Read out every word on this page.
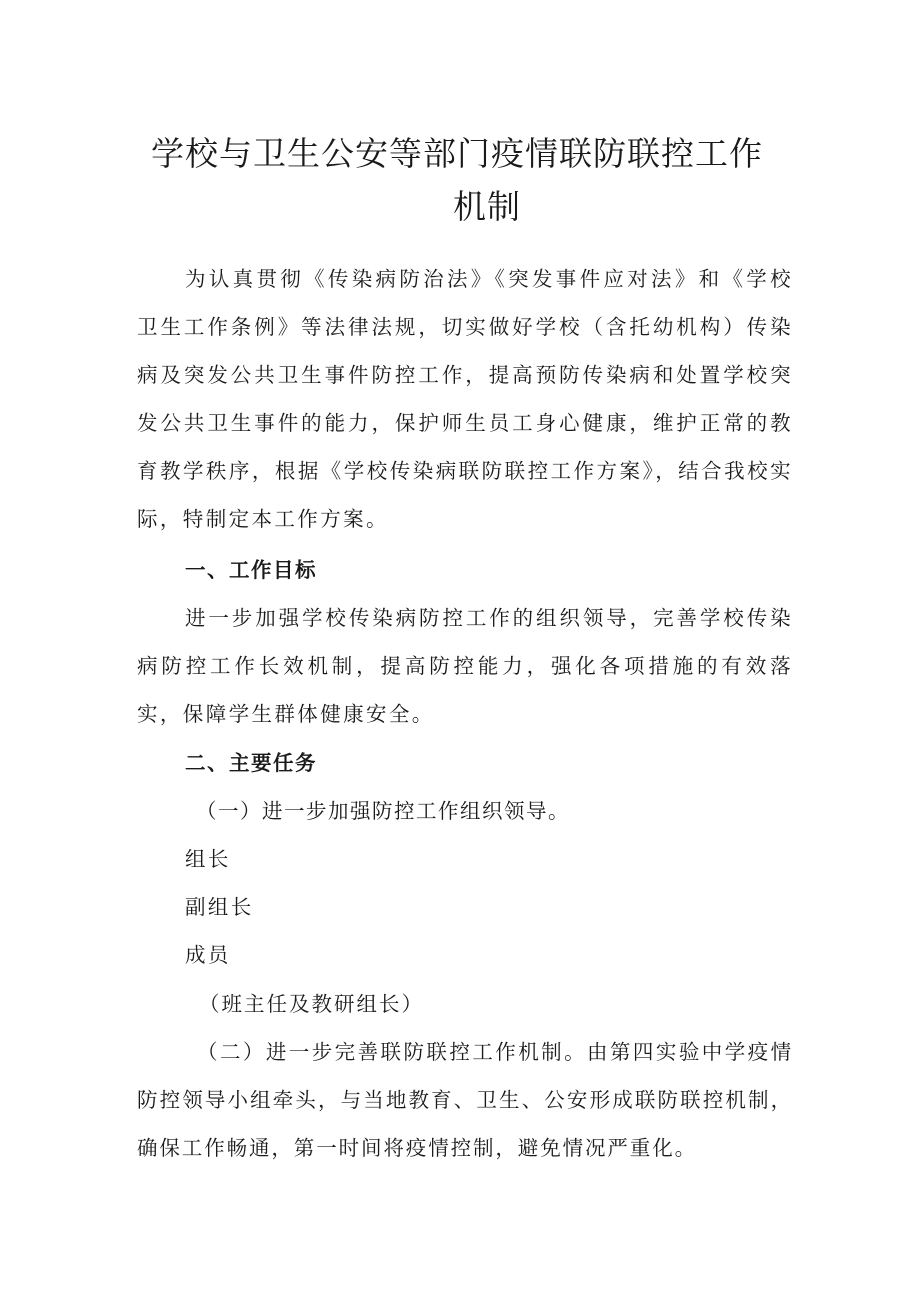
学校与卫生公安等部门疫情联防联控工作
机制

为认真贯彻《传染病防治法》《突发事件应对法》和《学校卫生工作条例》等法律法规，切实做好学校（含托幼机构）传染病及突发公共卫生事件防控工作，提高预防传染病和处置学校突发公共卫生事件的能力，保护师生员工身心健康，维护正常的教育教学秩序，根据《学校传染病联防联控工作方案》，结合我校实际，特制定本工作方案。

一、工作目标

进一步加强学校传染病防控工作的组织领导，完善学校传染病防控工作长效机制，提高防控能力，强化各项措施的有效落实，保障学生群体健康安全。

二、主要任务

（一）进一步加强防控工作组织领导。

组长

副组长

成员

（班主任及教研组长）

（二）进一步完善联防联控工作机制。由第四实验中学疫情防控领导小组牵头，与当地教育、卫生、公安形成联防联控机制，确保工作畅通，第一时间将疫情控制，避免情况严重化。
